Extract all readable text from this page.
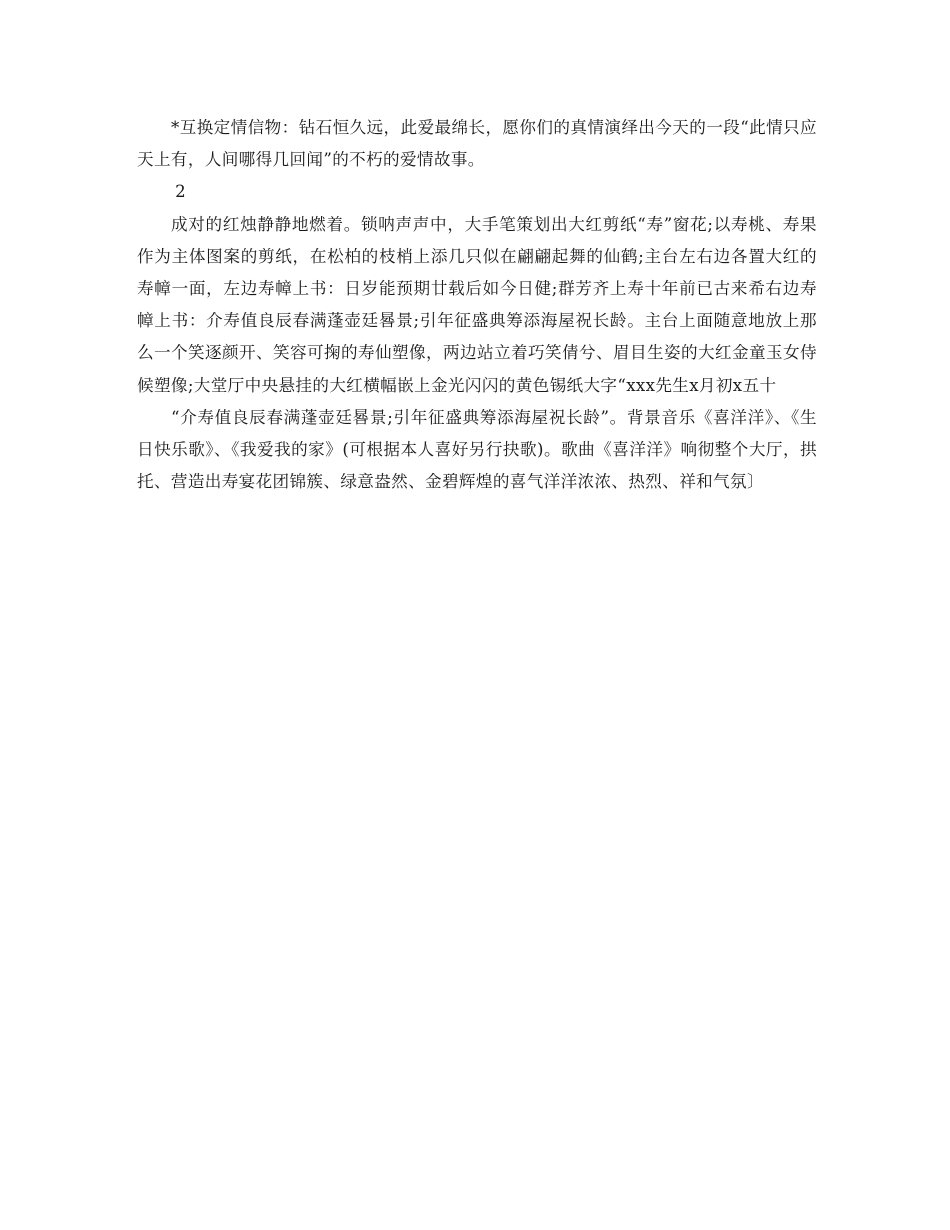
*互换定情信物：钻石恒久远，此爱最绵长，愿你们的真情演绎出今天的一段“此情只应天上有，人间哪得几回闻”的不朽的爱情故事。

2

成对的红烛静静地燃着。锁呐声声中，大手笔策划出大红剪纸“寿”窗花;以寿桃、寿果作为主体图案的剪纸，在松柏的枝梢上添几只似在翩翩起舞的仙鹤;主台左右边各置大红的寿幛一面，左边寿幛上书：日岁能预期廿载后如今日健;群芳齐上寿十年前已古来希右边寿幛上书：介寿值良辰春满蓬壶廷晷景;引年征盛典筹添海屋祝长龄。主台上面随意地放上那么一个笑逐颜开、笑容可掬的寿仙塑像，两边站立着巧笑倩兮、眉目生姿的大红金童玉女侍候塑像;大堂厅中央悬挂的大红横幅嵌上金光闪闪的黄色锡纸大字“xxx先生x月初x五十

“介寿值良辰春满蓬壶廷晷景;引年征盛典筹添海屋祝长龄”。背景音乐《喜洋洋》、《生日快乐歌》、《我爱我的家》(可根据本人喜好另行抉歌)。歌曲《喜洋洋》响彻整个大厅，拱托、营造出寿宴花团锦簇、绿意盎然、金碧辉煌的喜气洋洋浓浓、热烈、祥和气氛〕
